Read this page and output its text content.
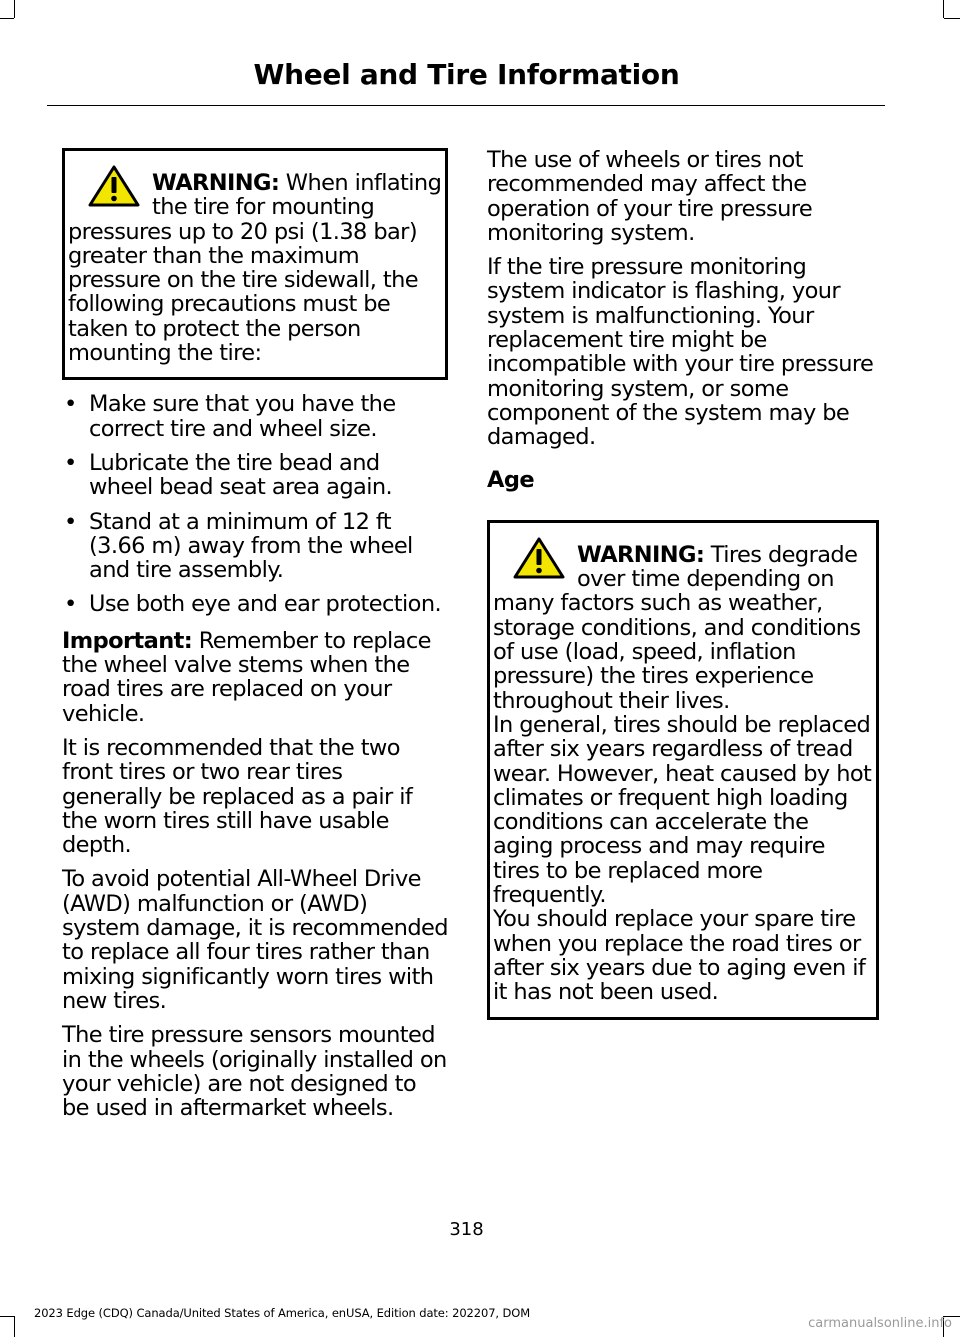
Wheel and Tire Information
WARNING: When inflating the tire for mounting pressures up to 20 psi (1.38 bar) greater than the maximum pressure on the tire sidewall, the following precautions must be taken to protect the person mounting the tire:
• Make sure that you have the correct tire and wheel size.
• Lubricate the tire bead and wheel bead seat area again.
• Stand at a minimum of 12 ft (3.66 m) away from the wheel and tire assembly.
• Use both eye and ear protection.

Important: Remember to replace the wheel valve stems when the road tires are replaced on your vehicle.

It is recommended that the two front tires or two rear tires generally be replaced as a pair if the worn tires still have usable depth.

To avoid potential All-Wheel Drive (AWD) malfunction or (AWD) system damage, it is recommended to replace all four tires rather than mixing significantly worn tires with new tires.

The tire pressure sensors mounted in the wheels (originally installed on your vehicle) are not designed to be used in aftermarket wheels.

The use of wheels or tires not recommended may affect the operation of your tire pressure monitoring system.

If the tire pressure monitoring system indicator is flashing, your system is malfunctioning. Your replacement tire might be incompatible with your tire pressure monitoring system, or some component of the system may be damaged.

Age
WARNING: Tires degrade over time depending on many factors such as weather, storage conditions, and conditions of use (load, speed, inflation pressure) the tires experience throughout their lives.
In general, tires should be replaced after six years regardless of tread wear. However, heat caused by hot climates or frequent high loading conditions can accelerate the aging process and may require tires to be replaced more frequently.
You should replace your spare tire when you replace the road tires or after six years due to aging even if it has not been used.
318
2023 Edge (CDQ) Canada/United States of America, enUSA, Edition date: 202207, DOM
carmanualsonline.info
